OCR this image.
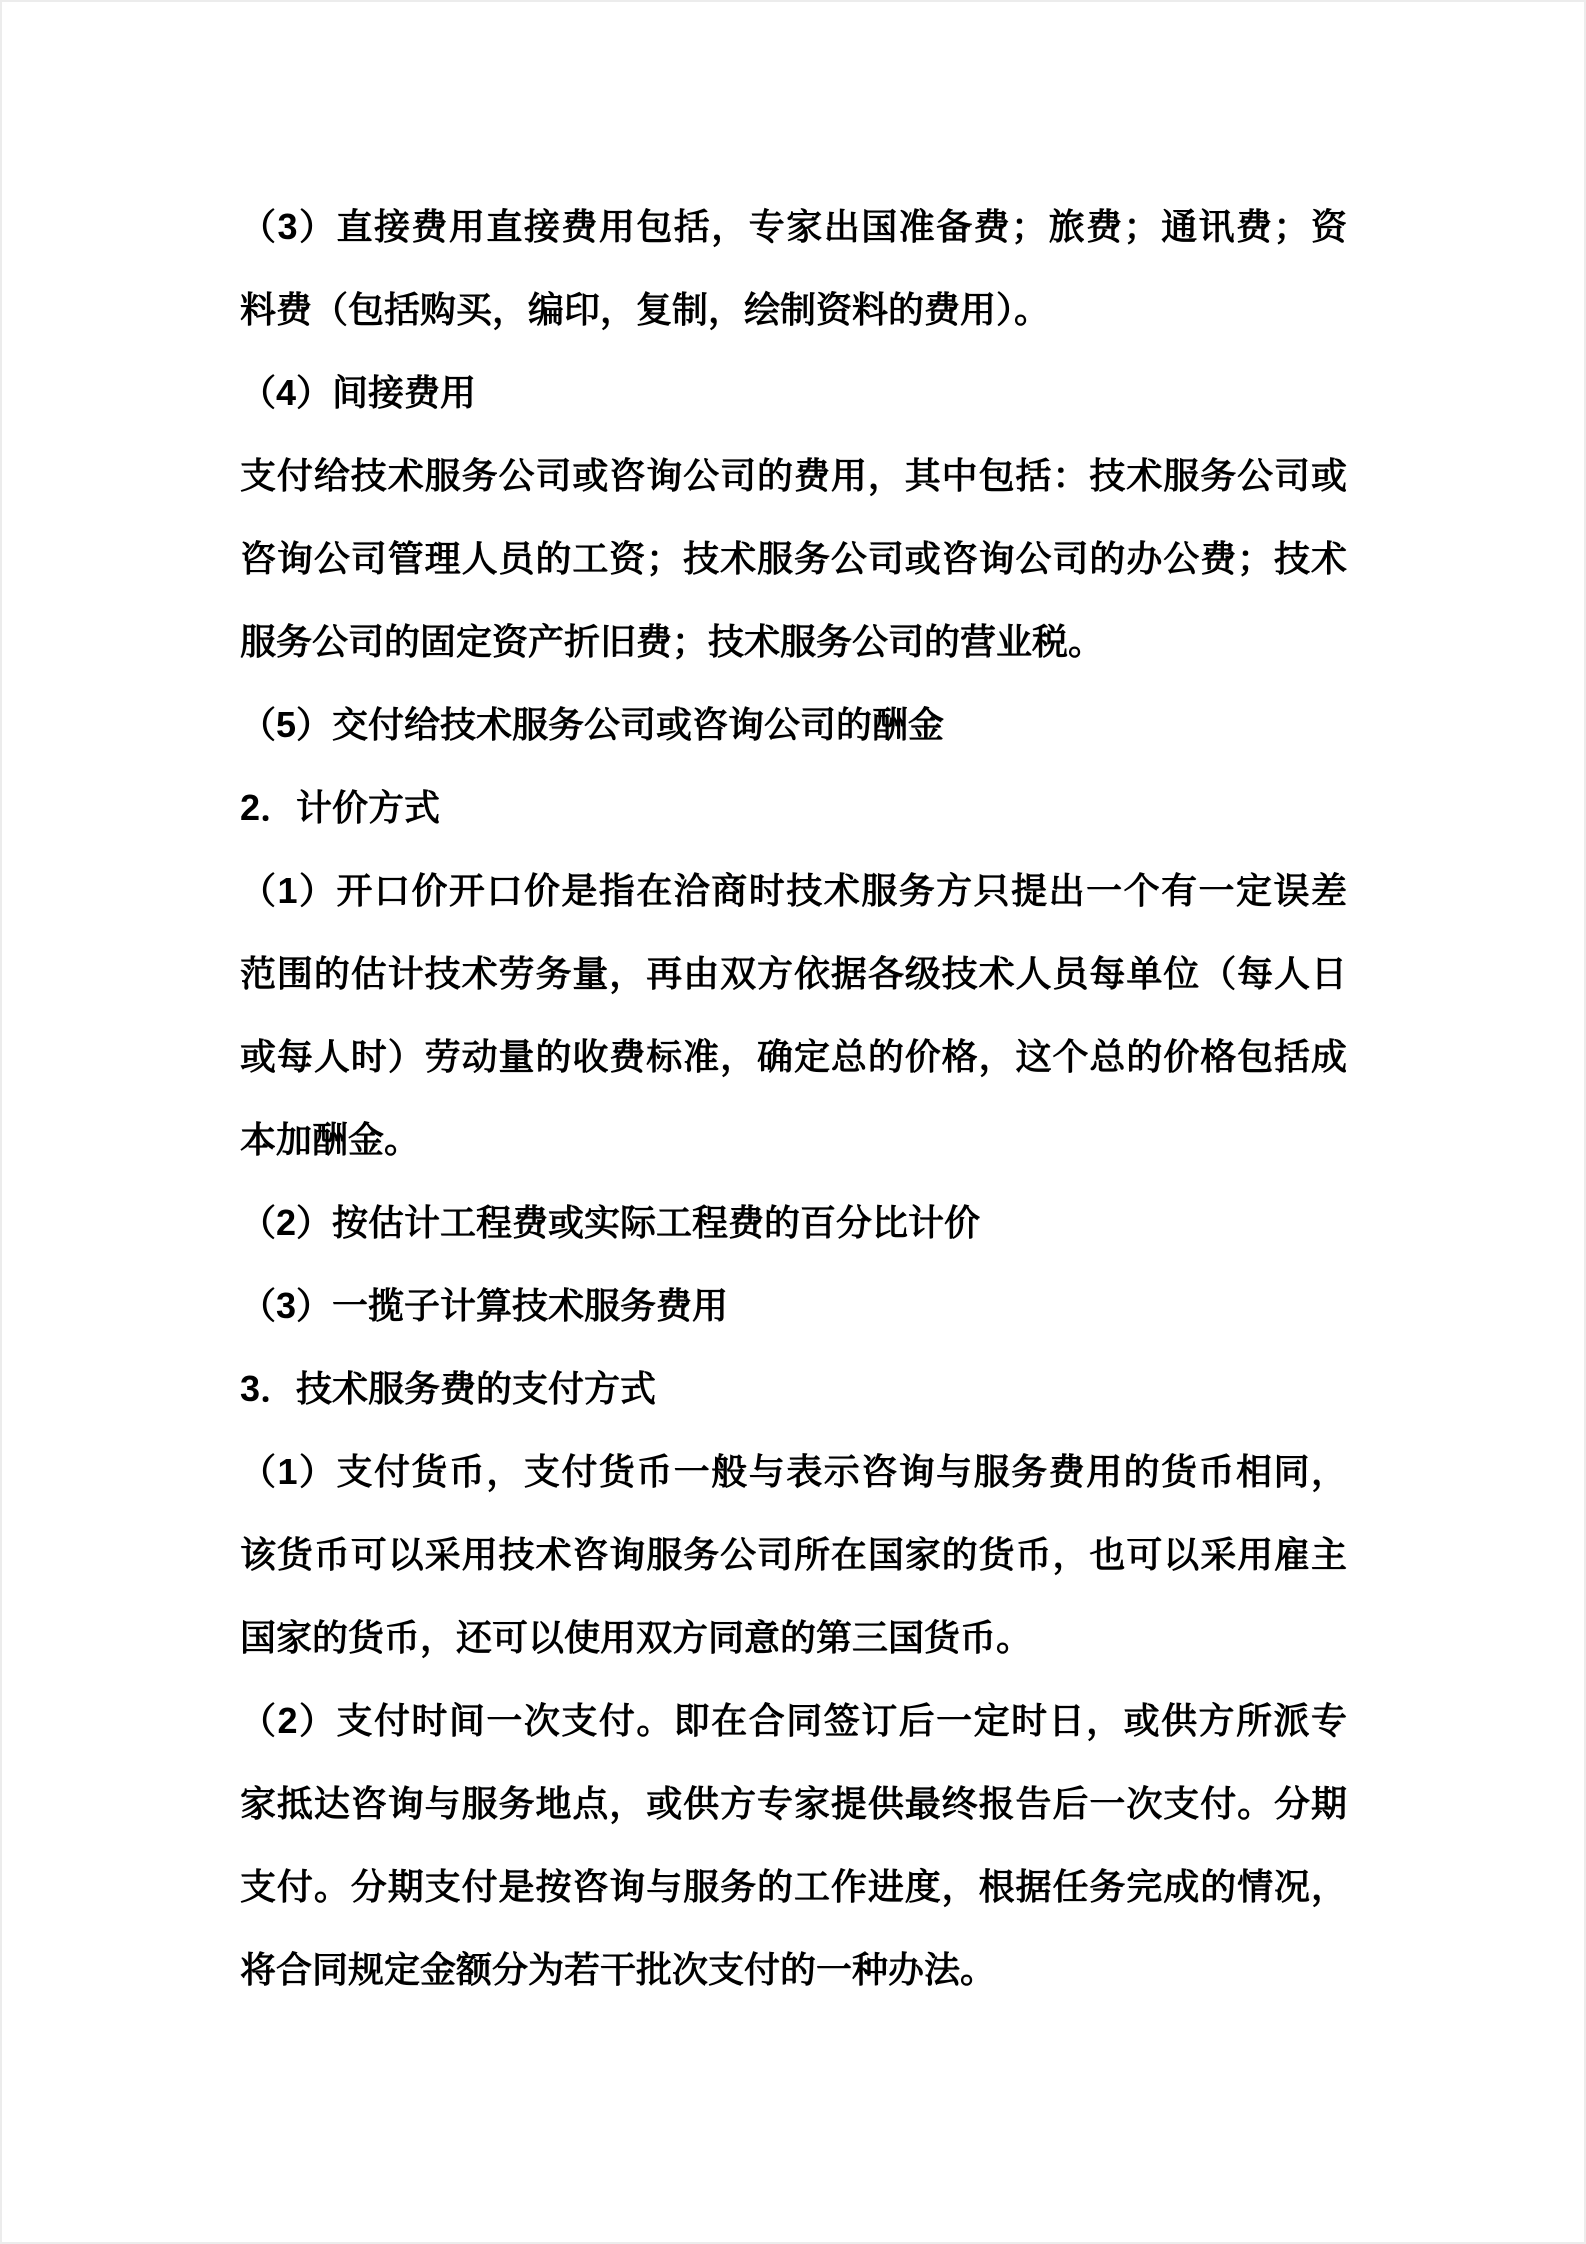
（3）直接费用直接费用包括，专家出国准备费；旅费；通讯费；资
料费（包括购买，编印，复制，绘制资料的费用）。
（4）间接费用
支付给技术服务公司或咨询公司的费用，其中包括：技术服务公司或
咨询公司管理人员的工资；技术服务公司或咨询公司的办公费；技术
服务公司的固定资产折旧费；技术服务公司的营业税。
（5）交付给技术服务公司或咨询公司的酬金
2．计价方式
（1）开口价开口价是指在洽商时技术服务方只提出一个有一定误差
范围的估计技术劳务量，再由双方依据各级技术人员每单位（每人日
或每人时）劳动量的收费标准，确定总的价格，这个总的价格包括成
本加酬金。
（2）按估计工程费或实际工程费的百分比计价
（3）一揽子计算技术服务费用
3．技术服务费的支付方式
（1）支付货币，支付货币一般与表示咨询与服务费用的货币相同，
该货币可以采用技术咨询服务公司所在国家的货币，也可以采用雇主
国家的货币，还可以使用双方同意的第三国货币。
（2）支付时间一次支付。即在合同签订后一定时日，或供方所派专
家抵达咨询与服务地点，或供方专家提供最终报告后一次支付。分期
支付。分期支付是按咨询与服务的工作进度，根据任务完成的情况，
将合同规定金额分为若干批次支付的一种办法。
